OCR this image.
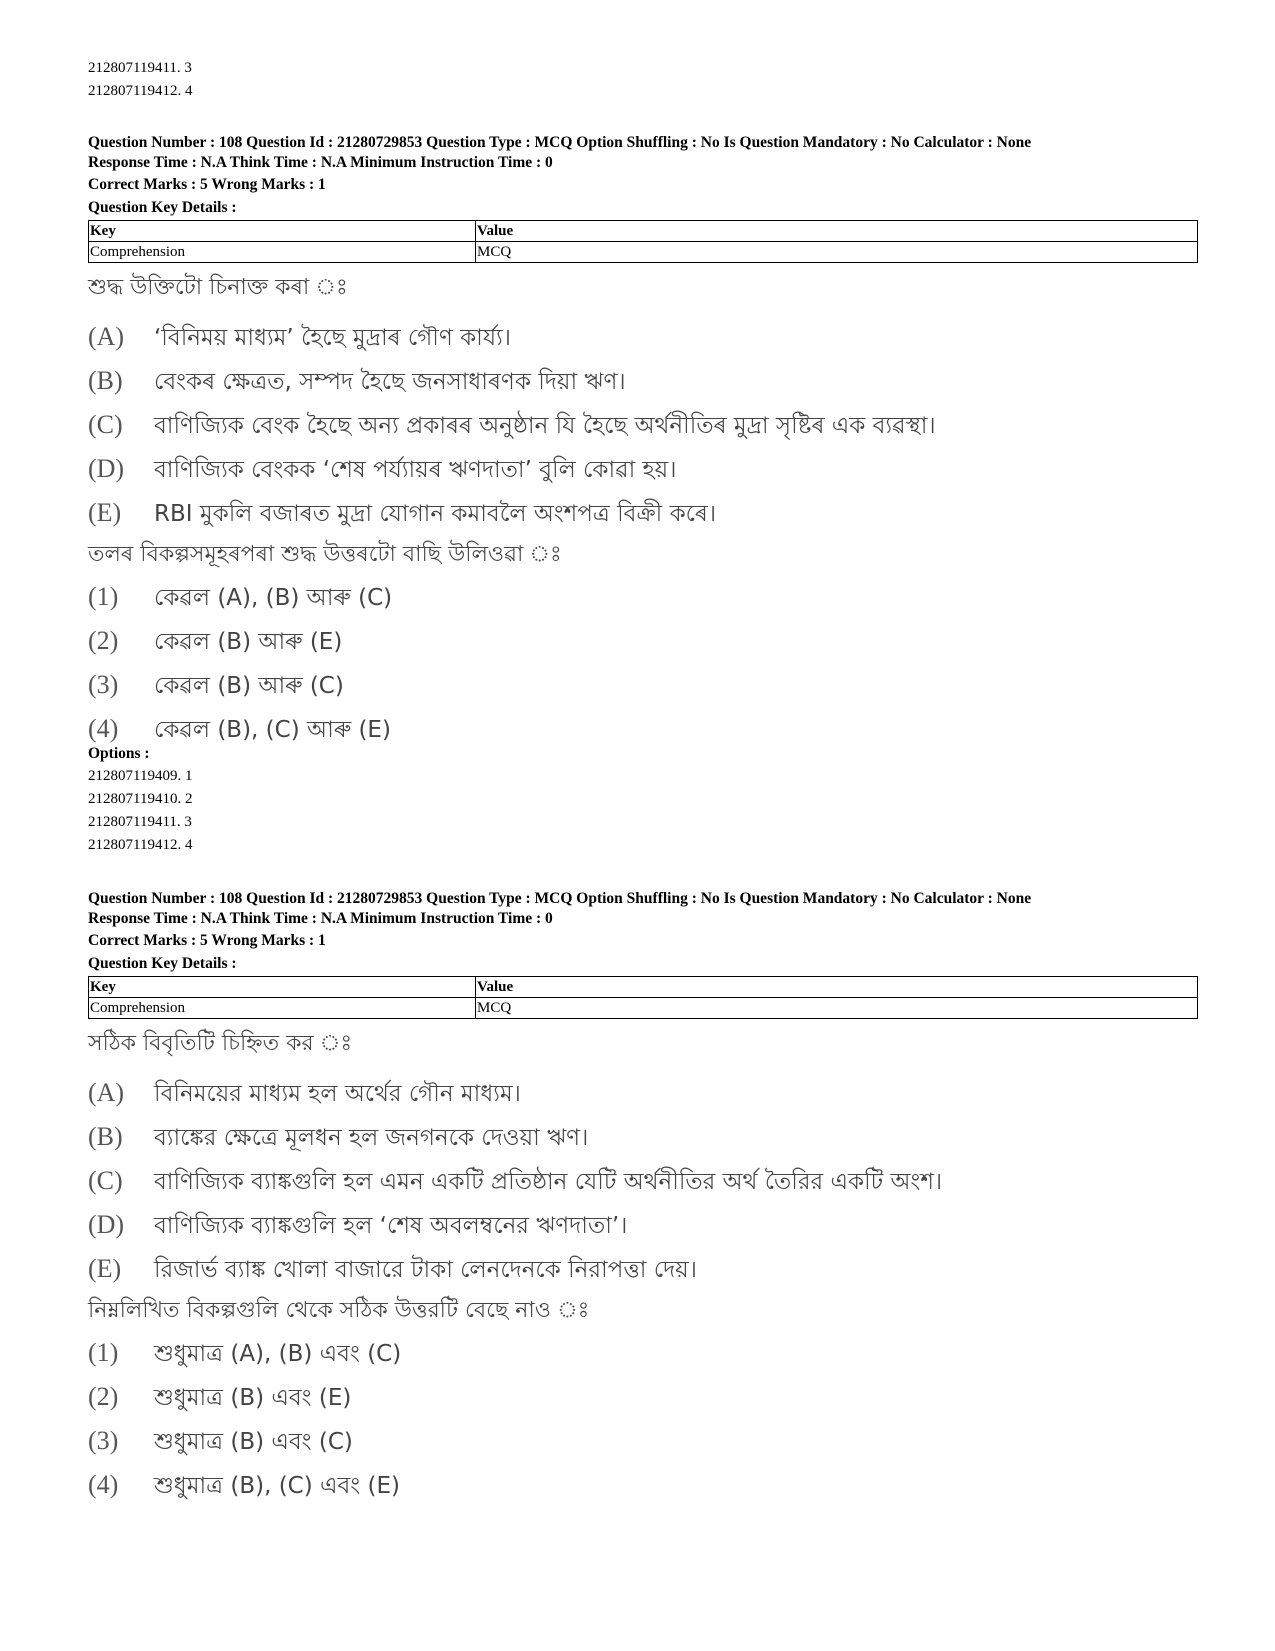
212807119411. 3

212807119412. 4

Question Number : 108 Question Id : 21280729853 Question Type : MCQ Option Shuffling : No Is Question Mandatory : No Calculator : None

Response Time : N.A Think Time : N.A Minimum Instruction Time : 0

Correct Marks : 5 Wrong Marks : 1

Question Key Details :

Key	Value
Comprehension	MCQ

শুদ্ধ উক্তিটো চিনাক্ত কৰা ঃ

(A)	‘বিনিময় মাধ্যম’ হৈছে মুদ্ৰাৰ গৌণ কাৰ্য্য।
(B)	বেংকৰ ক্ষেত্ৰত, সম্পদ হৈছে জনসাধাৰণক দিয়া ঋণ।
(C)	বাণিজ্যিক বেংক হৈছে অন্য প্ৰকাৰৰ অনুষ্ঠান যি হৈছে অৰ্থনীতিৰ মুদ্ৰা সৃষ্টিৰ এক ব্যৱস্থা।
(D)	বাণিজ্যিক বেংকক ‘শেষ পৰ্য্যায়ৰ ঋণদাতা’ বুলি কোৱা হয়।
(E)	RBI মুকলি বজাৰত মুদ্ৰা যোগান কমাবলৈ অংশপত্ৰ বিক্ৰী কৰে।

তলৰ বিকল্পসমূহৰপৰা শুদ্ধ উত্তৰটো বাছি উলিওৱা ঃ

(1)	কেৱল (A), (B) আৰু (C)
(2)	কেৱল (B) আৰু (E)
(3)	কেৱল (B) আৰু (C)
(4)	কেৱল (B), (C) আৰু (E)

Options :

212807119409. 1

212807119410. 2

212807119411. 3

212807119412. 4

Question Number : 108 Question Id : 21280729853 Question Type : MCQ Option Shuffling : No Is Question Mandatory : No Calculator : None

Response Time : N.A Think Time : N.A Minimum Instruction Time : 0

Correct Marks : 5 Wrong Marks : 1

Question Key Details :

Key	Value
Comprehension	MCQ

সঠিক বিবৃতিটি চিহ্নিত কর ঃ

(A)	বিনিময়ের মাধ্যম হল অর্থের গৌন মাধ্যম।
(B)	ব্যাঙ্কের ক্ষেত্রে মূলধন হল জনগনকে দেওয়া ঋণ।
(C)	বাণিজ্যিক ব্যাঙ্কগুলি হল এমন একটি প্রতিষ্ঠান যেটি অর্থনীতির অর্থ তৈরির একটি অংশ।
(D)	বাণিজ্যিক ব্যাঙ্কগুলি হল ‘শেষ অবলম্বনের ঋণদাতা’।
(E)	রিজার্ভ ব্যাঙ্ক খোলা বাজারে টাকা লেনদেনকে নিরাপত্তা দেয়।

নিম্নলিখিত বিকল্পগুলি থেকে সঠিক উত্তরটি বেছে নাও ঃ

(1)	শুধুমাত্র (A), (B) এবং (C)
(2)	শুধুমাত্র (B) এবং (E)
(3)	শুধুমাত্র (B) এবং (C)
(4)	শুধুমাত্র (B), (C) এবং (E)
